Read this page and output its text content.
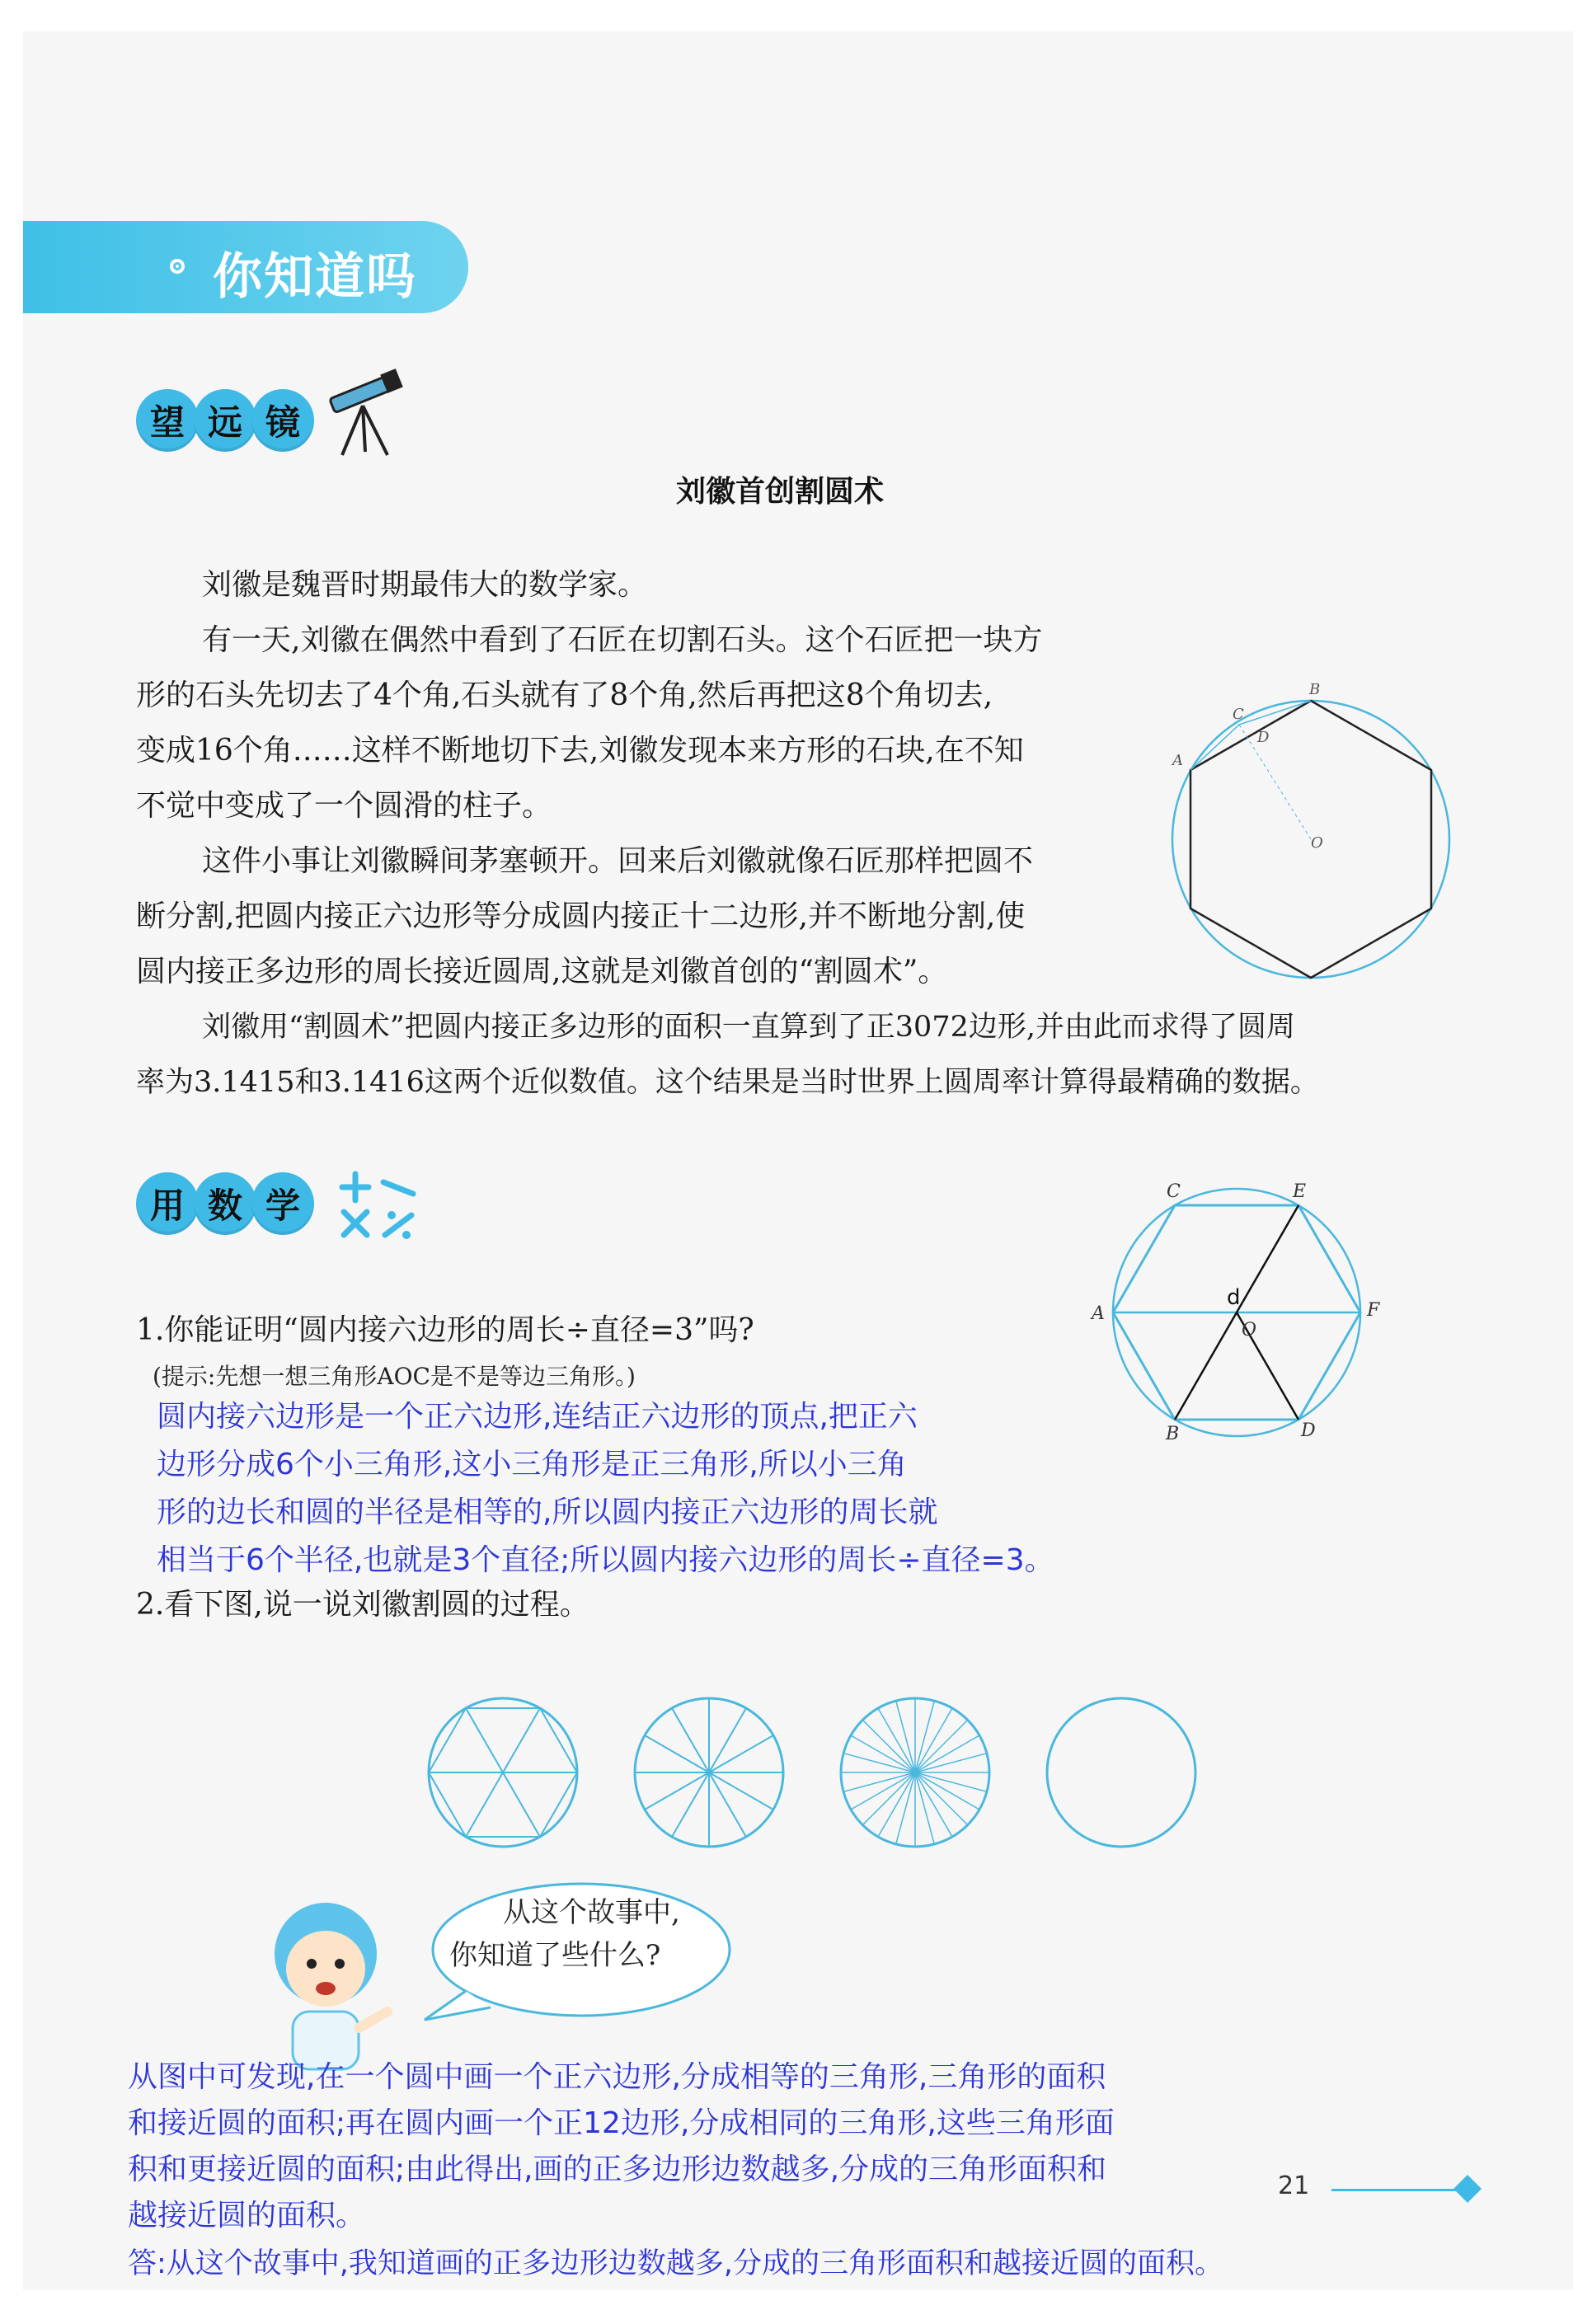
你知道吗
望 远 镜
刘徽首创割圆术
刘徽是魏晋时期最伟大的数学家。
有一天,刘徽在偶然中看到了石匠在切割石头。这个石匠把一块方
形的石头先切去了4个角,石头就有了8个角,然后再把这8个角切去,
变成16个角……这样不断地切下去,刘徽发现本来方形的石块,在不知
不觉中变成了一个圆滑的柱子。
这件小事让刘徽瞬间茅塞顿开。回来后刘徽就像石匠那样把圆不
断分割,把圆内接正六边形等分成圆内接正十二边形,并不断地分割,使
圆内接正多边形的周长接近圆周,这就是刘徽首创的“割圆术”。
刘徽用“割圆术”把圆内接正多边形的面积一直算到了正3072边形,并由此而求得了圆周
率为3.1415和3.1416这两个近似数值。这个结果是当时世界上圆周率计算得最精确的数据。
C
B
D
A
O
用 数 学	C	E
A	F
B	D
O
d
1.你能证明“圆内接六边形的周长÷直径=3”吗?
(提示:先想一想三角形AOC是不是等边三角形。)
圆内接六边形是一个正六边形,连结正六边形的顶点,把正六
边形分成6个小三角形,这小三角形是正三角形,所以小三角
形的边长和圆的半径是相等的,所以圆内接正六边形的周长就
相当于6个半径,也就是3个直径;所以圆内接六边形的周长÷直径=3。
2.看下图,说一说刘徽割圆的过程。
从这个故事中,
你知道了些什么?
从图中可发现,在一个圆中画一个正六边形,分成相等的三角形,三角形的面积
和接近圆的面积;再在圆内画一个正12边形,分成相同的三角形,这些三角形面
积和更接近圆的面积;由此得出,画的正多边形边数越多,分成的三角形面积和
越接近圆的面积。
答:从这个故事中,我知道画的正多边形边数越多,分成的三角形面积和越接近圆的面积。
21
